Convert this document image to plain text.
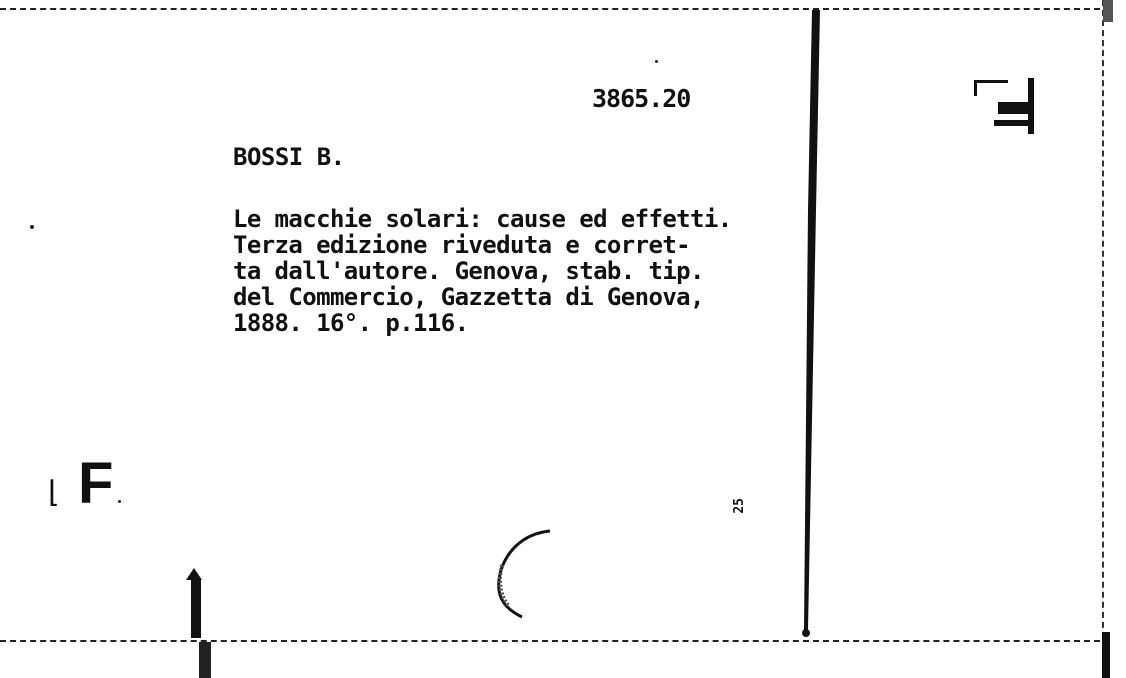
3865.20
BOSSI B.
Le macchie solari: cause ed effetti.
Terza edizione riveduta e corret-
ta dall'autore. Genova, stab. tip.
del Commercio, Gazzetta di Genova,
1888. 16°. p.116.
⌊ F	25
